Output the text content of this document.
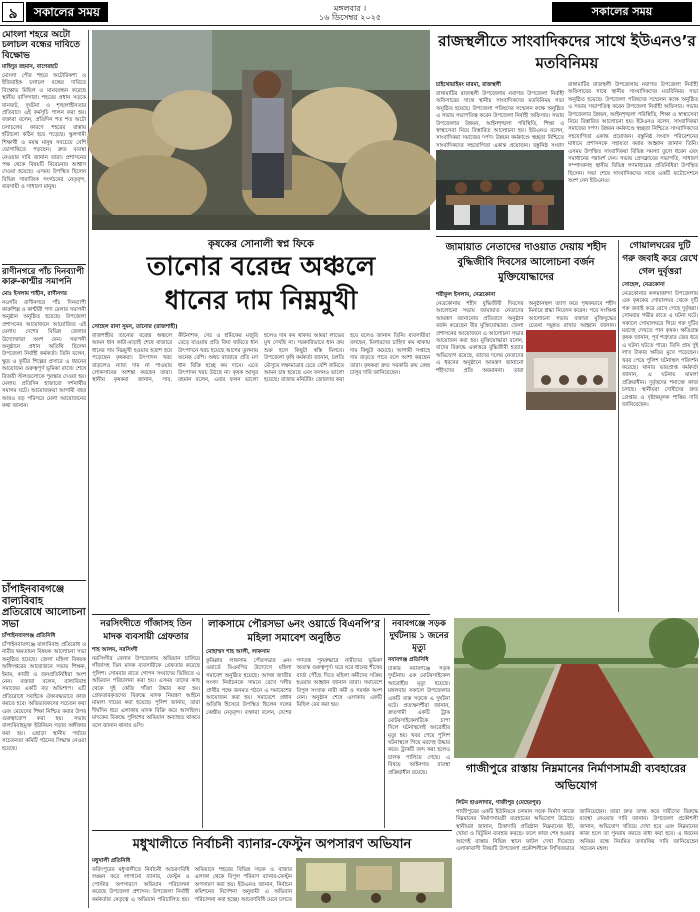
৯	সকালের সময়	মঙ্গলবার ।
১৬ ডিসেম্বর ২০২৫	সকালের সময়
মোংলা শহরে অটো চলাচল বন্ধের দাবিতে বিক্ষোভ
মাহিদুর রহমান, বাগেরহাট
মোংলা পৌর শহরে অটোরিকশা ও ইজিবাইক চলাচল বন্ধের দাবিতে বিক্ষোভ মিছিল ও মানববন্ধন করেছে স্থানীয় বাসিন্দারা। শহরের প্রধান সড়কে যানজট, দুর্ঘটনা ও শৃঙ্খলাহীনতার প্রতিবাদে এই কর্মসূচি পালন করা হয়। বক্তারা বলেন, প্রতিদিন শত শত অটো চলাচলের কারণে শহরের রাস্তায় হাঁটাচলা কঠিন হয়ে পড়েছে। স্কুলগামী শিক্ষার্থী ও বয়স্ক মানুষ সবচেয়ে বেশি ভোগান্তিতে পড়ছেন। দ্রুত ব্যবস্থা নেওয়ার দাবি জানান তারা। প্রশাসনের পক্ষ থেকে বিষয়টি বিবেচনার আশ্বাস দেওয়া হয়েছে। এসময় উপস্থিত ছিলেন বিভিন্ন সামাজিক সংগঠনের নেতৃবৃন্দ, ব্যবসায়ী ও সাধারণ মানুষ।
রাণীনগরে পাঁচ দিনব্যাপী কারু-কাশ্মীর সমাপনি
মোঃ ইসলাম শাহীন, রাণীনগর
নওগাঁর রাণীনগরে পাঁচ দিনব্যাপী কারুশিল্প ও কাশ্মীরী পণ্য মেলার সমাপনী অনুষ্ঠান অনুষ্ঠিত হয়েছে। উপজেলা প্রশাসনের আয়োজনে আয়োজিত এই মেলায় দেশের বিভিন্ন জেলার উদ্যোক্তারা অংশ নেন। সমাপনী অনুষ্ঠানে প্রধান অতিথি ছিলেন উপজেলা নির্বাহী কর্মকর্তা। তিনি বলেন, ক্ষুদ্র ও কুটির শিল্পের প্রসারে এ ধরনের আয়োজন গুরুত্বপূর্ণ ভূমিকা রাখে। শেষে বিজয়ী স্টলগুলোকে পুরস্কার দেওয়া হয়। মেলায় প্রতিদিন হাজারো দর্শনার্থীর সমাগম ঘটে। আয়োজকরা আগামী বছর আরও বড় পরিসরে মেলা আয়োজনের কথা জানান।
চাঁপাইনবাবগঞ্জে বাল্যবিবাহ প্রতিরোধে আলোচনা সভা
চাঁপাইনবাবগঞ্জ প্রতিনিধি
চাঁপাইনবাবগঞ্জে বাল্যবিবাহ প্রতিরোধ ও নারীর ক্ষমতায়ন বিষয়ক আলোচনা সভা অনুষ্ঠিত হয়েছে। জেলা মহিলা বিষয়ক অধিদপ্তরের আয়োজনে সভায় শিক্ষক, ইমাম, কাজী ও জনপ্রতিনিধিরা অংশ নেন। বক্তারা বলেন, বাল্যবিবাহ সমাজের একটি বড় অভিশাপ। এটি প্রতিরোধে সবাইকে ঐক্যবদ্ধভাবে কাজ করতে হবে। অভিভাবকদের সচেতন করা এবং মেয়েদের শিক্ষা নিশ্চিত করার উপর গুরুত্বারোপ করা হয়। সভায় বাল্যবিবাহমুক্ত ইউনিয়ন গড়ার অঙ্গীকার করা হয়। এছাড়া স্থানীয় পর্যায়ে সচেতনতা কমিটি গঠনের সিদ্ধান্ত নেওয়া হয়েছে।
কৃষকের সোনালী স্বপ্ন ফিকে
তানোর বরেন্দ্র অঞ্চলে
ধানের দাম নিম্নমুখী
সোহেল রানা সুমন, তানোর (রাজশাহী)
রাজশাহীর তানোর বরেন্দ্র অঞ্চলে আমন ধান কাটা-মাড়াই শেষে বাজারে ধানের দাম নিম্নমুখী হওয়ায় হতাশ হয়ে পড়েছেন কৃষকরা। উৎপাদন খরচ বাড়লেও ন্যায্য দাম না পাওয়ায় লোকসানের আশঙ্কা করছেন তারা। স্থানীয় কৃষকরা জানান, সার, কীটনাশক, সেচ ও শ্রমিকের মজুরি বেড়ে যাওয়ায় প্রতি বিঘা জমিতে ধান উৎপাদনে খরচ হয়েছে আগের তুলনায় অনেক বেশি। অথচ বাজারে প্রতি মণ ধান বিক্রি হচ্ছে কম দামে। এতে উৎপাদন খরচ উঠছে না। কৃষক আব্দুর রহমান বলেন, এবার ফলন ভালো হলেও দাম কম থাকায় আমরা লাভের মুখ দেখছি না। সরকারিভাবে ধান ক্রয় শুরু হলে কিছুটা স্বস্তি মিলবে। উপজেলা কৃষি কর্মকর্তা জানান, চলতি মৌসুমে লক্ষ্যমাত্রার চেয়ে বেশি জমিতে আমন চাষ হয়েছে এবং ফলনও ভালো হয়েছে। বাজার মনিটরিং জোরদার করা হবে বলেও জানান তিনি। ব্যবসায়ীরা বলছেন, মিলারদের চাহিদা কম থাকায় দাম কিছুটা কমেছে। আগামী সপ্তাহে দাম বাড়তে পারে বলে আশা করছেন তারা। কৃষকরা দ্রুত সরকারি ক্রয় কেন্দ্র চালুর দাবি জানিয়েছেন।
রাজস্থলীতে সাংবাদিকদের সাথে ইউএনও’র মতবিনিময়
চাইথোয়াইমং মারমা, রাজস্থলী
রাঙ্গামাটির রাজস্থলী উপজেলায় নবাগত উপজেলা নির্বাহী অফিসারের সাথে স্থানীয় সাংবাদিকদের মতবিনিময় সভা অনুষ্ঠিত হয়েছে। উপজেলা পরিষদের সম্মেলন কক্ষে অনুষ্ঠিত এ সভায় সভাপতিত্ব করেন উপজেলা নির্বাহী অফিসার। সভায় উপজেলার উন্নয়ন, আইনশৃঙ্খলা পরিস্থিতি, শিক্ষা ও স্বাস্থ্যসেবা নিয়ে বিস্তারিত আলোচনা হয়। ইউএনও বলেন, সাংবাদিকরা সমাজের দর্পণ। উন্নয়ন কর্মকাণ্ডে স্বচ্ছতা নিশ্চিতে সাংবাদিকদের সহযোগিতা একান্ত প্রয়োজন। বস্তুনিষ্ঠ সংবাদ
রাঙ্গামাটির রাজস্থলী উপজেলায় নবাগত উপজেলা নির্বাহী অফিসারের সাথে স্থানীয় সাংবাদিকদের মতবিনিময় সভা অনুষ্ঠিত হয়েছে। উপজেলা পরিষদের সম্মেলন কক্ষে অনুষ্ঠিত এ সভায় সভাপতিত্ব করেন উপজেলা নির্বাহী অফিসার। সভায় উপজেলার উন্নয়ন, আইনশৃঙ্খলা পরিস্থিতি, শিক্ষা ও স্বাস্থ্যসেবা নিয়ে বিস্তারিত আলোচনা হয়। ইউএনও বলেন, সাংবাদিকরা সমাজের দর্পণ। উন্নয়ন কর্মকাণ্ডে স্বচ্ছতা নিশ্চিতে সাংবাদিকদের সহযোগিতা একান্ত প্রয়োজন। বস্তুনিষ্ঠ সংবাদ পরিবেশনের মাধ্যমে প্রশাসনকে সহায়তা করার আহ্বান জানান তিনি। এসময় উপস্থিত সাংবাদিকরা বিভিন্ন সমস্যা তুলে ধরেন এবং সমাধানের পরামর্শ দেন। সভায় প্রেসক্লাবের সভাপতি, সাধারণ সম্পাদকসহ স্থানীয় বিভিন্ন গণমাধ্যমের প্রতিনিধিরা উপস্থিত ছিলেন। সভা শেষে সাংবাদিকদের সাথে একটি ফটোসেশনে অংশ নেন ইউএনও।
জামায়াত নেতাদের দাওয়াত দেয়ায় শহীদ বুদ্ধিজীবি দিবসের আলোচনা বর্জন মুক্তিযোদ্ধাদের
শরীফুল ইসলাম, নেত্রকোনা
নেত্রকোনায় শহীদ বুদ্ধিজীবী দিবসের আলোচনা সভায় জামায়াত নেতাদের আমন্ত্রণ জানানোর প্রতিবাদে অনুষ্ঠান বর্জন করেছেন বীর মুক্তিযোদ্ধারা। জেলা প্রশাসনের আয়োজনে এ আলোচনা সভার আয়োজন করা হয়। মুক্তিযোদ্ধারা বলেন, যাদের বিরুদ্ধে একাত্তরে বুদ্ধিজীবী হত্যার অভিযোগ রয়েছে, তাদের দলের নেতাদের এ ধরনের অনুষ্ঠানে আমন্ত্রণ জানানো শহীদদের প্রতি অবমাননা। তারা অনুষ্ঠানস্থল ত্যাগ করে পৃথকভাবে শহীদ মিনারে শ্রদ্ধা নিবেদন করেন। পরে সংক্ষিপ্ত আলোচনা সভায় বক্তারা মুক্তিযুদ্ধের চেতনা সমুন্নত রাখার আহ্বান জানান।
গোয়ালঘরের দুটি গরু জবাই করে রেখে গেল দুর্বৃত্তরা
সোহেল, নেত্রকোনা
নেত্রকোনার কলমাকান্দা উপজেলায় এক কৃষকের গোয়ালঘর থেকে দুটি গরু জবাই করে রেখে গেছে দুর্বৃত্তরা। সোমবার গভীর রাতে এ ঘটনা ঘটে। সকালে গোয়ালঘরে গিয়ে গরু দুটির মরদেহ দেখতে পান কৃষক। ক্ষতিগ্রস্ত কৃষক জানান, পূর্ব শত্রুতার জের ধরে এ ঘটনা ঘটতে পারে। তিনি প্রায় দুই লাখ টাকার ক্ষতির মুখে পড়েছেন। খবর পেয়ে পুলিশ ঘটনাস্থল পরিদর্শন করেছে। থানার ভারপ্রাপ্ত কর্মকর্তা জানান, এ ঘটনায় মামলা প্রক্রিয়াধীন। দুর্বৃত্তদের শনাক্তে কাজ চলছে। স্থানীয়রা দোষীদের দ্রুত গ্রেপ্তার ও দৃষ্টান্তমূলক শাস্তির দাবি জানিয়েছেন।
নরসিংদীতে গাঁজাসহ তিন মাদক ব্যবসায়ী গ্রেফতার
শাহ আলম, নরসিংদী
নরসিংদীর বেলাব উপজেলায় অভিযান চালিয়ে গাঁজাসহ তিন মাদক ব্যবসায়ীকে গ্রেফতার করেছে পুলিশ। সোমবার রাতে গোপন সংবাদের ভিত্তিতে এ অভিযান পরিচালনা করা হয়। এসময় তাদের কাছ থেকে দুই কেজি গাঁজা উদ্ধার করা হয়। গ্রেফতারকৃতদের বিরুদ্ধে মাদক নিয়ন্ত্রণ আইনে মামলা দায়ের করা হয়েছে। পুলিশ জানায়, তারা দীর্ঘদিন ধরে এলাকায় মাদক বিক্রি করে আসছিল। মাদকের বিরুদ্ধে পুলিশের অভিযান অব্যাহত থাকবে বলে জানান থানার ওসি।
লাকসামে পৌরসভা ৬নং ওয়ার্ডে বিএনপি’র মহিলা সমাবেশ অনুষ্ঠিত
মোহাম্মদ শাহ আলী, লাকসাম
কুমিল্লার লাকসাম পৌরসভার ৬নং ওয়ার্ডে বিএনপির উদ্যোগে মহিলা সমাবেশ অনুষ্ঠিত হয়েছে। আসন্ন জাতীয় সংসদ নির্বাচনকে সামনে রেখে দলীয় প্রার্থীর পক্ষে জনমত গঠনে এ সমাবেশের আয়োজন করা হয়। সমাবেশে প্রধান অতিথি হিসেবে উপস্থিত ছিলেন দলের কেন্দ্রীয় নেতৃবৃন্দ। বক্তারা বলেন, দেশের গণতন্ত্র পুনরুদ্ধারে নারীদের ভূমিকা অত্যন্ত গুরুত্বপূর্ণ। ঘরে ঘরে ধানের শীষের বার্তা পৌঁছে দিতে মহিলা কর্মীদের সক্রিয় হওয়ার আহ্বান জানান তারা। সমাবেশে বিপুল সংখ্যক নারী কর্মী ও সমর্থক অংশ নেন। অনুষ্ঠান শেষে এলাকায় একটি মিছিল বের করা হয়।
নবাবগঞ্জে সড়ক দুর্ঘটনায় ১ জনের মৃত্যু
নবাবগঞ্জ প্রতিনিধি
ঢাকার নবাবগঞ্জে সড়ক দুর্ঘটনায় এক মোটরসাইকেল আরোহীর মৃত্যু হয়েছে। মঙ্গলবার সকালে উপজেলার একটি ব্যস্ত সড়কে এ দুর্ঘটনা ঘটে। প্রত্যক্ষদর্শীরা জানান, দ্রুতগামী একটি ট্রাক মোটরসাইকেলটিকে চাপা দিলে ঘটনাস্থলেই আরোহীর মৃত্যু হয়। খবর পেয়ে পুলিশ ঘটনাস্থলে গিয়ে মরদেহ উদ্ধার করে। ট্রাকটি জব্দ করা হলেও চালক পালিয়ে গেছে। এ বিষয়ে আইনগত ব্যবস্থা প্রক্রিয়াধীন রয়েছে।	গাজীপুরে রাস্তায় নিম্নমানের নির্মাণসামগ্রী ব্যবহারের অভিযোগ
মধুখালীতে নির্বাচনী ব্যানার-ফেস্টুন অপসারণ অভিযান
মধুখালী প্রতিনিধি
ফরিদপুরের মধুখালীতে নির্বাচনী আচরণবিধি লঙ্ঘন করে লাগানো ব্যানার, ফেস্টুন ও পোস্টার অপসারণে অভিযান পরিচালনা করেছে উপজেলা প্রশাসন। উপজেলা নির্বাহী কর্মকর্তার নেতৃত্বে এ অভিযান পরিচালিত হয়। অভিযানে শহরের বিভিন্ন সড়ক ও বাজার এলাকা থেকে বিপুল পরিমাণ ব্যানার-ফেস্টুন অপসারণ করা হয়। ইউএনও জানান, নির্বাচন কমিশনের নির্দেশনা অনুযায়ী এ অভিযান পরিচালনা করা হচ্ছে। আচরণবিধি মেনে চলতে
লিটন হাওলাদার, গাজীপুর (মেহেরপুর)
গাজীপুরের একটি ইউনিয়নে চলমান সড়ক নির্মাণ কাজে নিম্নমানের নির্মাণসামগ্রী ব্যবহারের অভিযোগ উঠেছে। স্থানীয়রা জানান, ঠিকাদারি প্রতিষ্ঠান নিম্নমানের ইট, খোয়া ও বিটুমিন ব্যবহার করছে। ফলে কাজ শেষ হওয়ার আগেই রাস্তার বিভিন্ন স্থানে ফাটল দেখা দিয়েছে। এলাকাবাসী বিষয়টি উপজেলা প্রকৌশলীকে লিখিতভাবে জানিয়েছেন। তারা দ্রুত তদন্ত করে দায়ীদের বিরুদ্ধে ব্যবস্থা নেওয়ার দাবি জানান। উপজেলা প্রকৌশলী জানান, অভিযোগ খতিয়ে দেখা হবে এবং নিম্নমানের কাজ হলে তা পুনরায় করতে বাধ্য করা হবে। এ ধরনের অনিয়ম বন্ধে নিয়মিত তদারকির দাবি জানিয়েছেন সচেতন মহল।
